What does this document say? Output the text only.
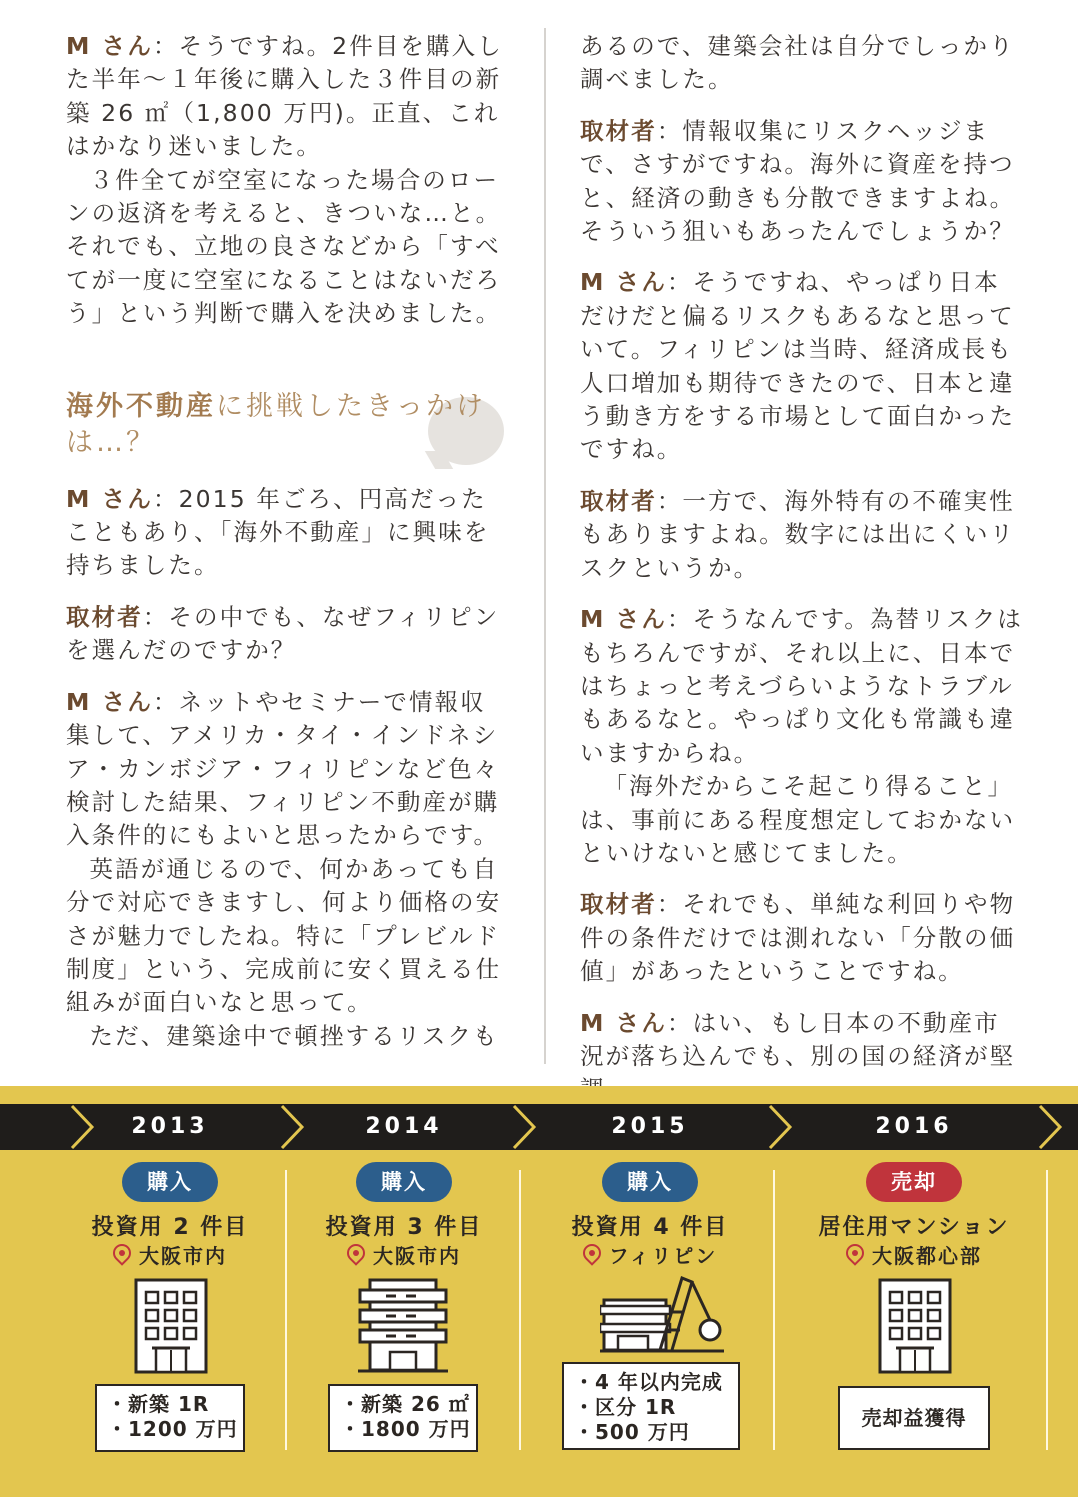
M さん：そうですね。2件目を購入した半年〜１年後に購入した３件目の新築 26 ㎡（1,800 万円)。正直、これはかなり迷いました。
３件全てが空室になった場合のローンの返済を考えると、きついな…と。それでも、立地の良さなどから「すべてが一度に空室になることはないだろう」という判断で購入を決めました。

海外不動産に挑戦したきっかけは…？

M さん：2015 年ごろ、円高だったこともあり、「海外不動産」に興味を持ちました。

取材者：その中でも、なぜフィリピンを選んだのですか？

M さん：ネットやセミナーで情報収集して、アメリカ・タイ・インドネシア・カンボジア・フィリピンなど色々検討した結果、フィリピン不動産が購入条件的にもよいと思ったからです。
英語が通じるので、何かあっても自分で対応できますし、何より価格の安さが魅力でしたね。特に「プレビルド制度」という、完成前に安く買える仕組みが面白いなと思って。
ただ、建築途中で頓挫するリスクも

あるので、建築会社は自分でしっかり調べました。

取材者：情報収集にリスクヘッジまで、さすがですね。海外に資産を持つと、経済の動きも分散できますよね。そういう狙いもあったんでしょうか？

M さん：そうですね、やっぱり日本だけだと偏るリスクもあるなと思っていて。フィリピンは当時、経済成長も人口増加も期待できたので、日本と違う動き方をする市場として面白かったですね。

取材者：一方で、海外特有の不確実性もありますよね。数字には出にくいリスクというか。

M さん：そうなんです。為替リスクはもちろんですが、それ以上に、日本ではちょっと考えづらいようなトラブルもあるなと。やっぱり文化も常識も違いますからね。
「海外だからこそ起こり得ること」は、事前にある程度想定しておかないといけないと感じてました。

取材者：それでも、単純な利回りや物件の条件だけでは測れない「分散の価値」があったということですね。

M さん：はい、もし日本の不動産市況が落ち込んでも、別の国の経済が堅

2013	2014	2015	2016
購入
投資用 2 件目
大阪市内
・新築 1R
・1200 万円
購入
投資用 3 件目
大阪市内
・新築 26 ㎡
・1800 万円
購入
投資用 4 件目
フィリピン
・4 年以内完成
・区分 1R
・500 万円
売却
居住用マンション
大阪都心部
売却益獲得
